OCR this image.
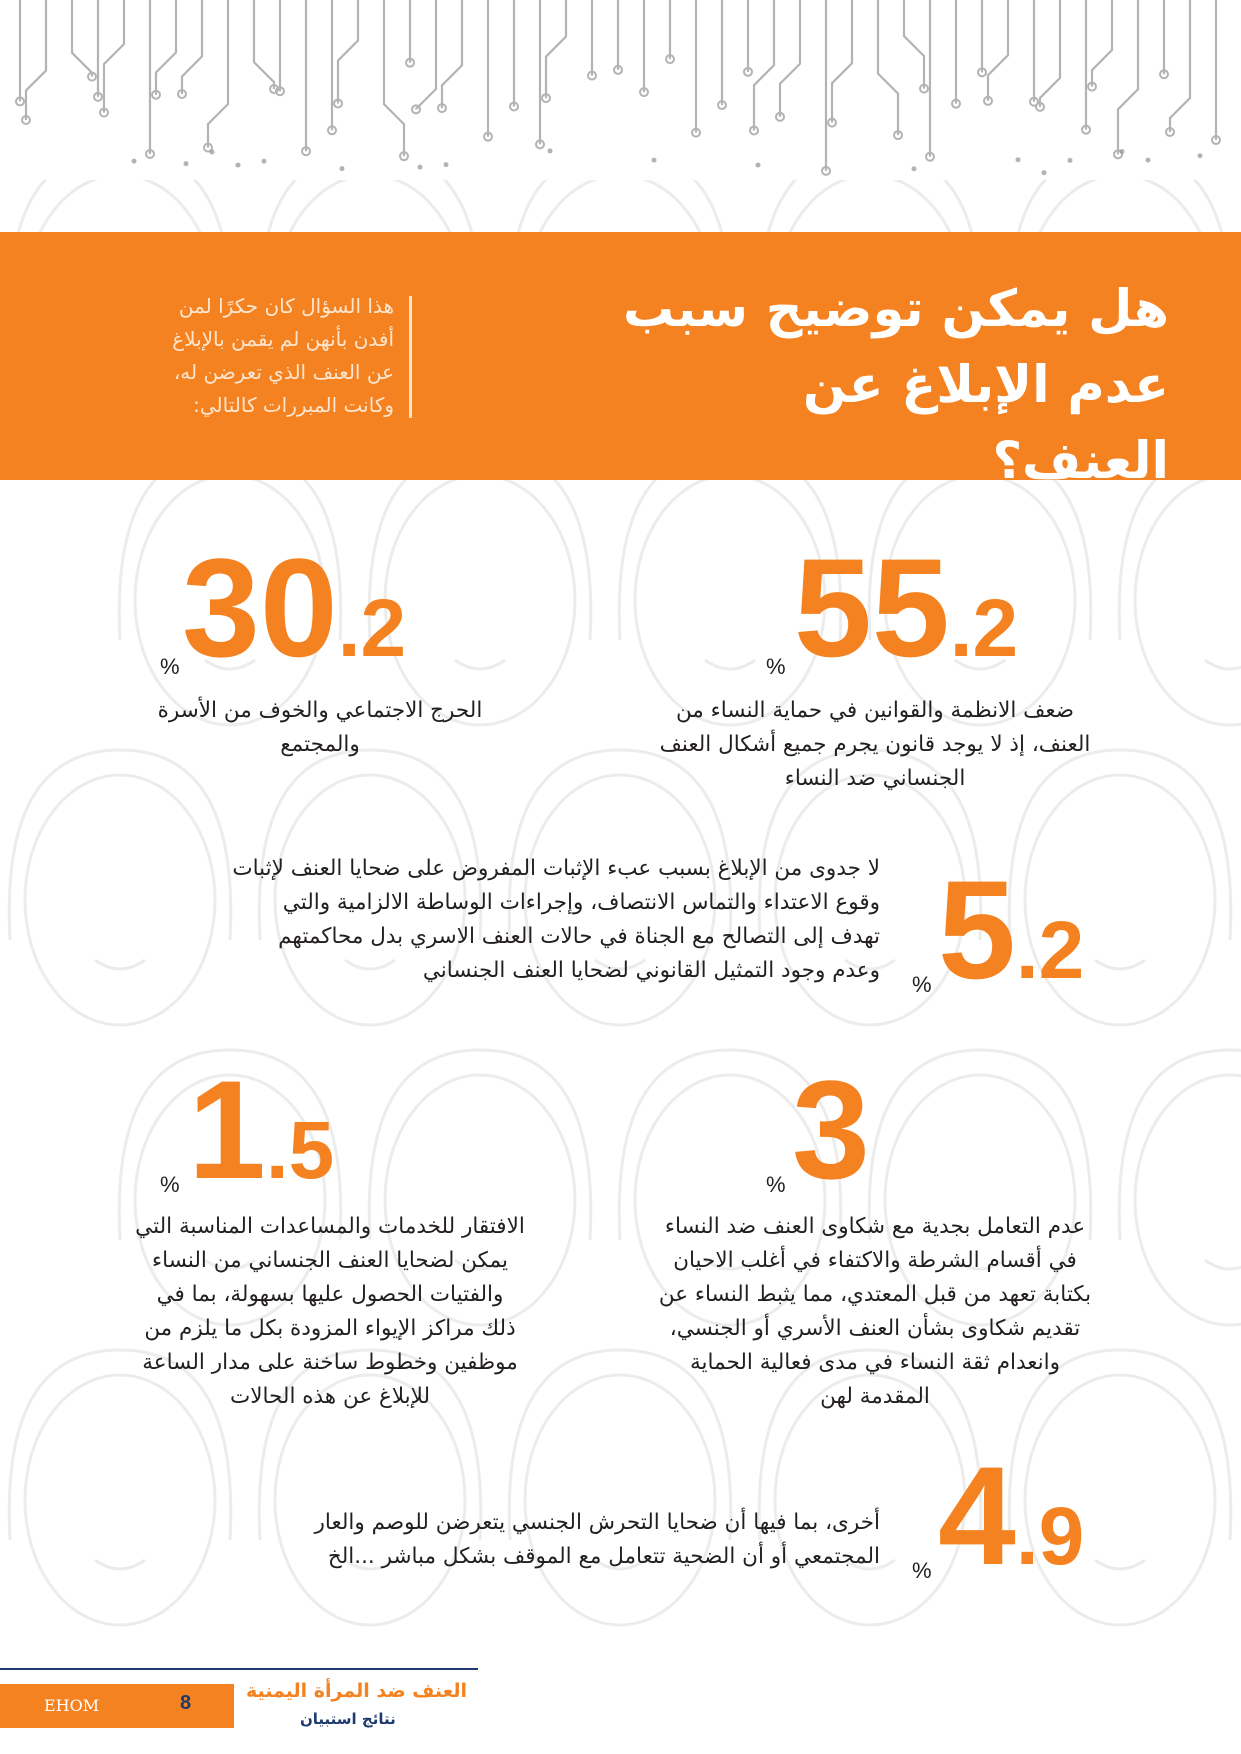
هل يمكن توضيح سبب
عدم الإبلاغ عن العنف؟
هذا السؤال كان حكرًا لمن
أفدن بأنهن لم يقمن بالإبلاغ
عن العنف الذي تعرضن له،
وكانت المبررات كالتالي:
% 55.2
ضعف الانظمة والقوانين في حماية النساء من
العنف، إذ لا يوجد قانون يجرم جميع أشكال العنف
الجنساني ضد النساء
% 30.2
الحرج الاجتماعي والخوف من الأسرة
والمجتمع
% 5.2
لا جدوى من الإبلاغ بسبب عبء الإثبات المفروض على ضحايا العنف لإثبات
وقوع الاعتداء والتماس الانتصاف، وإجراءات الوساطة الالزامية والتي
تهدف إلى التصالح مع الجناة في حالات العنف الاسري بدل محاكمتهم
وعدم وجود التمثيل القانوني لضحايا العنف الجنساني
% 3
عدم التعامل بجدية مع شكاوى العنف ضد النساء
في أقسام الشرطة والاكتفاء في أغلب الاحيان
بكتابة تعهد من قبل المعتدي، مما يثبط النساء عن
تقديم شكاوى بشأن العنف الأسري أو الجنسي،
وانعدام ثقة النساء في مدى فعالية الحماية
المقدمة لهن
% 1.5
الافتقار للخدمات والمساعدات المناسبة التي
يمكن لضحايا العنف الجنساني من النساء
والفتيات الحصول عليها بسهولة، بما في
ذلك مراكز الإيواء المزودة بكل ما يلزم من
موظفين وخطوط ساخنة على مدار الساعة
للإبلاغ عن هذه الحالات
% 4.9
أخرى، بما فيها أن ضحايا التحرش الجنسي يتعرضن للوصم والعار
المجتمعي أو أن الضحية تتعامل مع الموقف بشكل مباشر ...الخ
EHOM	8
العنف ضد المرأة اليمنية
نتائج استبيان
